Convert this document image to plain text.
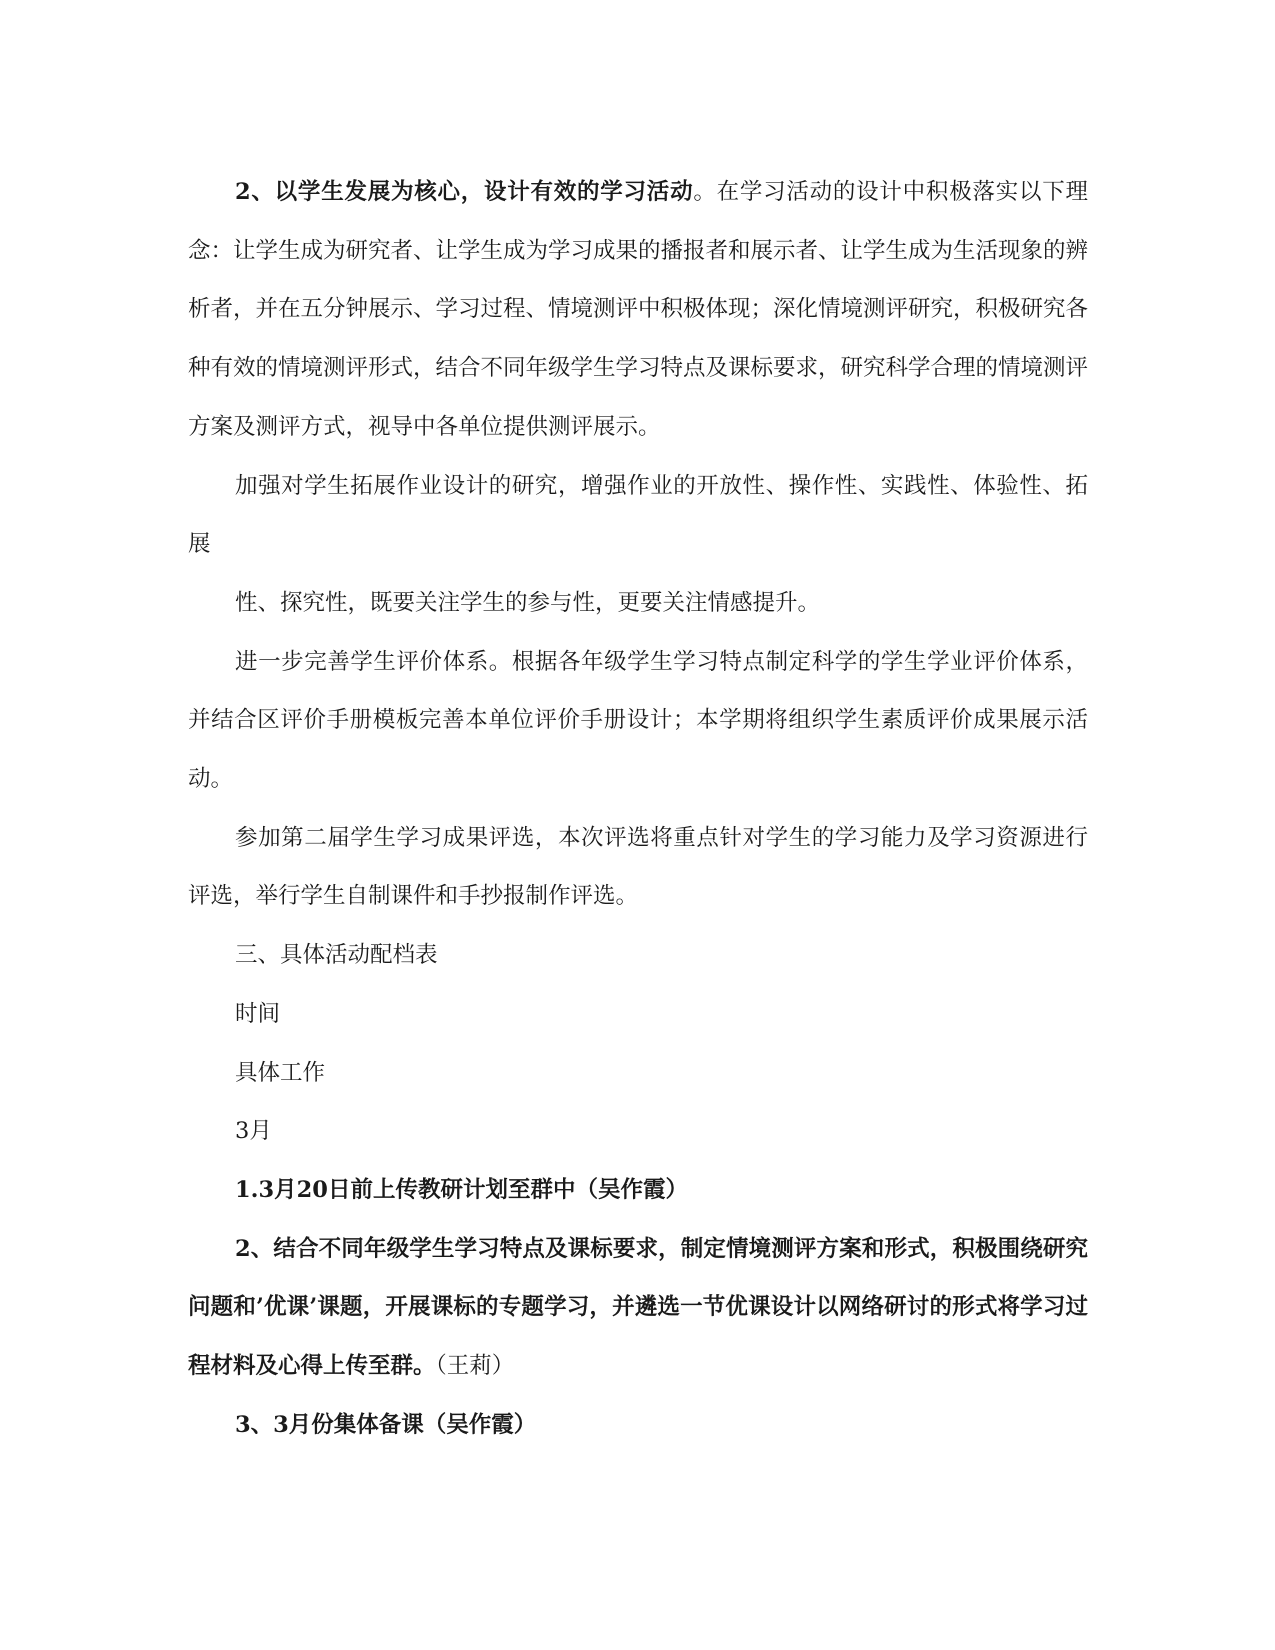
2、以学生发展为核心，设计有效的学习活动。在学习活动的设计中积极落实以下理念：让学生成为研究者、让学生成为学习成果的播报者和展示者、让学生成为生活现象的辨析者，并在五分钟展示、学习过程、情境测评中积极体现；深化情境测评研究，积极研究各种有效的情境测评形式，结合不同年级学生学习特点及课标要求，研究科学合理的情境测评方案及测评方式，视导中各单位提供测评展示。

加强对学生拓展作业设计的研究，增强作业的开放性、操作性、实践性、体验性、拓展

性、探究性，既要关注学生的参与性，更要关注情感提升。

进一步完善学生评价体系。根据各年级学生学习特点制定科学的学生学业评价体系，并结合区评价手册模板完善本单位评价手册设计；本学期将组织学生素质评价成果展示活动。

参加第二届学生学习成果评选，本次评选将重点针对学生的学习能力及学习资源进行评选，举行学生自制课件和手抄报制作评选。

三、具体活动配档表

时间

具体工作

3月

1.3月20日前上传教研计划至群中（吴作霞）

2、结合不同年级学生学习特点及课标要求，制定情境测评方案和形式，积极围绕研究问题和’优课’课题，开展课标的专题学习，并遴选一节优课设计以网络研讨的形式将学习过程材料及心得上传至群。（王莉）

3、3月份集体备课（吴作霞）
